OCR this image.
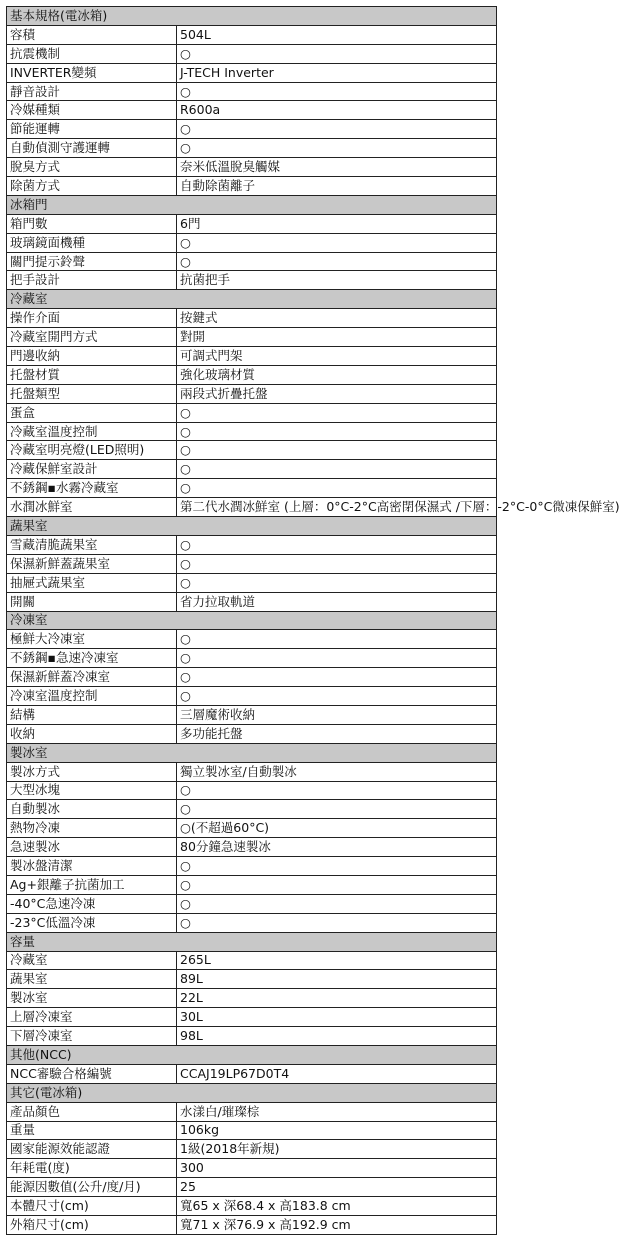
基本規格(電冰箱)	
容積	504L
抗震機制	○
INVERTER變頻	J-TECH Inverter
靜音設計	○
冷媒種類	R600a
節能運轉	○
自動偵測守護運轉	○
脫臭方式	奈米低溫脫臭觸媒
除菌方式	自動除菌離子
冰箱門	
箱門數	6門
玻璃鏡面機種	○
關門提示鈴聲	○
把手設計	抗菌把手
冷藏室	
操作介面	按鍵式
冷藏室開門方式	對開
門邊收納	可調式門架
托盤材質	強化玻璃材質
托盤類型	兩段式折疊托盤
蛋盒	○
冷藏室溫度控制	○
冷藏室明亮燈(LED照明)	○
冷藏保鮮室設計	○
不銹鋼▪水霧冷藏室	○
水潤冰鮮室	第二代水潤冰鮮室 (上層：0°C-2°C高密閉保濕式 /下層：-2°C-0°C微凍保鮮室)
蔬果室	
雪藏清脆蔬果室	○
保濕新鮮蓋蔬果室	○
抽屜式蔬果室	○
開關	省力拉取軌道
冷凍室	
極鮮大冷凍室	○
不銹鋼▪急速冷凍室	○
保濕新鮮蓋冷凍室	○
冷凍室溫度控制	○
結構	三層魔術收納
收納	多功能托盤
製冰室	
製冰方式	獨立製冰室/自動製冰
大型冰塊	○
自動製冰	○
熱物冷凍	○(不超過60°C)
急速製冰	80分鐘急速製冰
製冰盤清潔	○
Ag+銀離子抗菌加工	○
-40°C急速冷凍	○
-23°C低溫冷凍	○
容量	
冷藏室	265L
蔬果室	89L
製冰室	22L
上層冷凍室	30L
下層冷凍室	98L
其他(NCC)	
NCC審驗合格編號	CCAJ19LP67D0T4
其它(電冰箱)	
產品顏色	水漾白/璀璨棕
重量	106kg
國家能源效能認證	1級(2018年新規)
年耗電(度)	300
能源因數值(公升/度/月)	25
本體尺寸(cm)	寬65 x 深68.4 x 高183.8 cm
外箱尺寸(cm)	寬71 x 深76.9 x 高192.9 cm
